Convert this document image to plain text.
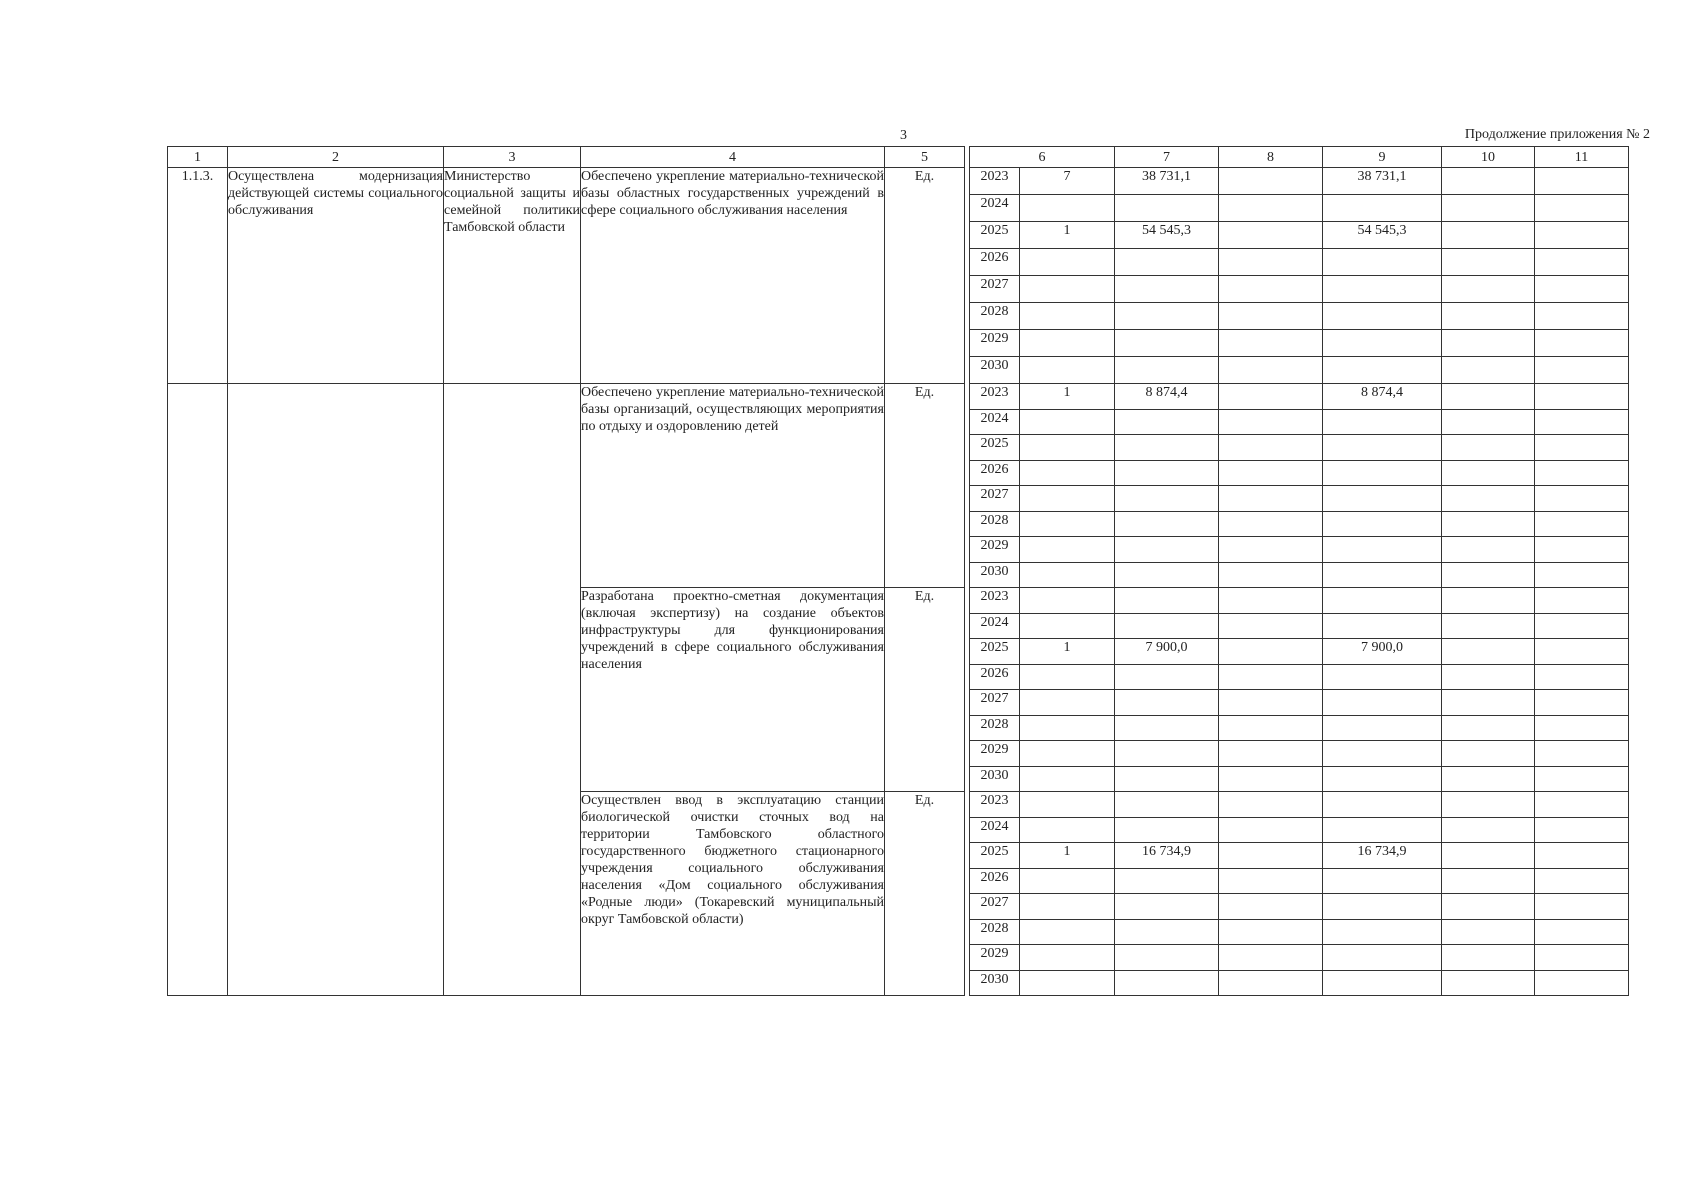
3	Продолжение приложения № 2
1	2	3	4	5		6		7	8	9	10	11
1.1.3.	Осуществлена модернизация действующей системы социального обслуживания	Министерство социальной защиты и семейной политики Тамбовской области	Обеспечено укрепление материально-технической базы областных государственных учреждений в сфере социального обслуживания населения	Ед.		2023	7	38 731,1		38 731,1		
						2024						
						2025	1	54 545,3		54 545,3		
						2026						
						2027						
						2028						
						2029						
						2030						
			Обеспечено укрепление материально-технической базы организаций, осуществляющих мероприятия по отдыху и оздоровлению детей	Ед.		2023	1	8 874,4		8 874,4		
						2024						
						2025						
						2026						
						2027						
						2028						
						2029						
						2030						
			Разработана проектно-сметная документация (включая экспертизу) на создание объектов инфраструктуры для функционирования учреждений в сфере социального обслуживания населения	Ед.		2023						
						2024						
						2025	1	7 900,0		7 900,0		
						2026						
						2027						
						2028						
						2029						
						2030						
			Осуществлен ввод в эксплуатацию станции биологической очистки сточных вод на территории Тамбовского областного государственного бюджетного стационарного учреждения социального обслуживания населения «Дом социального обслуживания «Родные люди» (Токаревский муниципальный округ Тамбовской области)	Ед.		2023						
						2024						
						2025	1	16 734,9		16 734,9		
						2026						
						2027						
						2028						
						2029						
						2030						
